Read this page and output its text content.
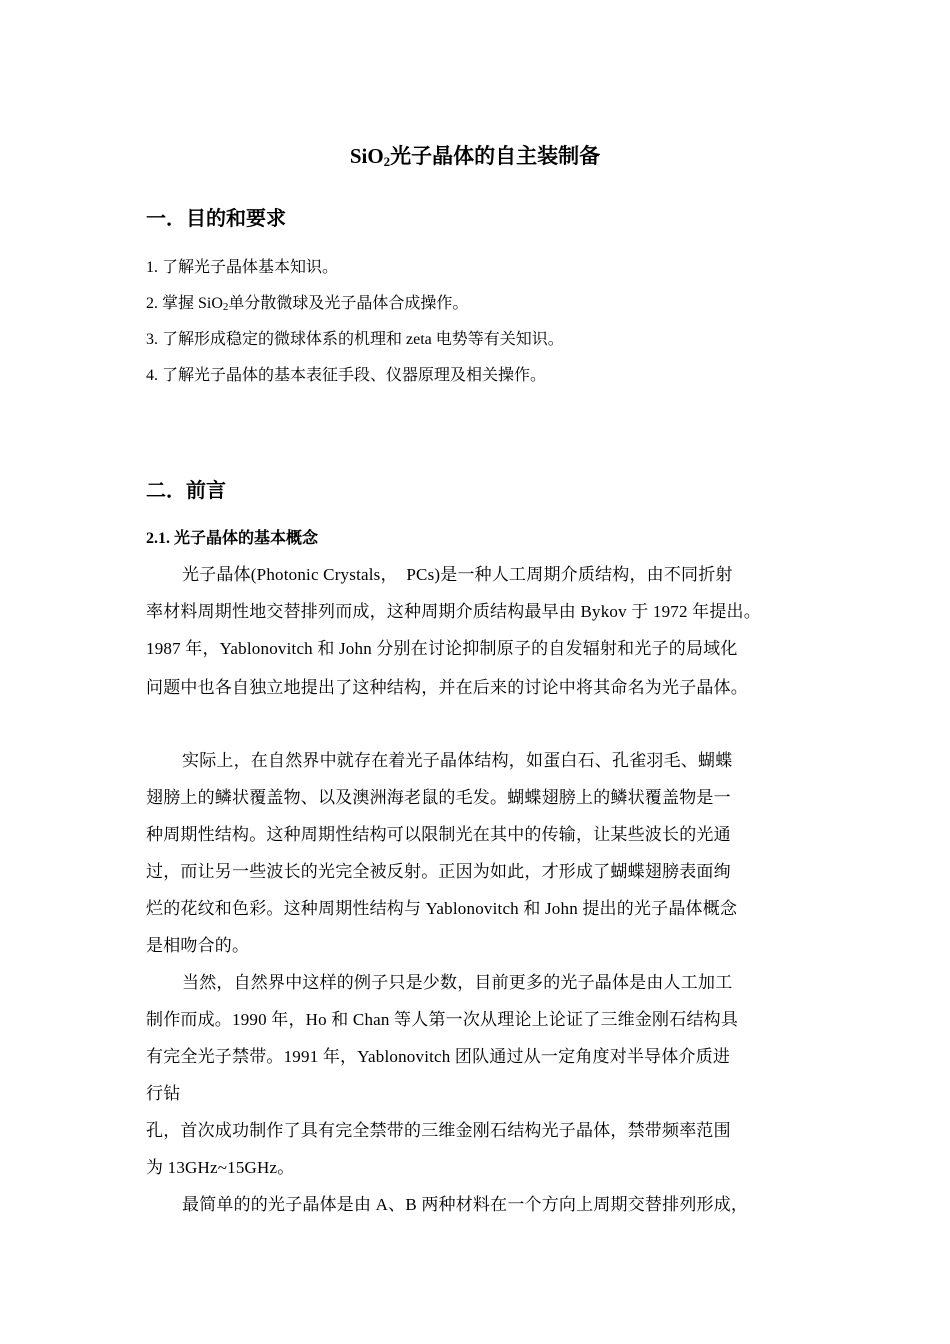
SiO$_2$光子晶体的自主装制备
一．目的和要求
1. 了解光子晶体基本知识。
2. 掌握 SiO$_2$单分散微球及光子晶体合成操作。
3. 了解形成稳定的微球体系的机理和 zeta 电势等有关知识。
4. 了解光子晶体的基本表征手段、仪器原理及相关操作。
二．前言
2.1. 光子晶体的基本概念
光子晶体(Photonic Crystals，　PCs)是一种人工周期介质结构，由不同折射
率材料周期性地交替排列而成，这种周期介质结构最早由 Bykov 于 1972 年提出。
1987 年，Yablonovitch 和 John 分别在讨论抑制原子的自发辐射和光子的局域化
问题中也各自独立地提出了这种结构，并在后来的讨论中将其命名为光子晶体。
实际上，在自然界中就存在着光子晶体结构，如蛋白石、孔雀羽毛、蝴蝶
翅膀上的鳞状覆盖物、以及澳洲海老鼠的毛发。蝴蝶翅膀上的鳞状覆盖物是一
种周期性结构。这种周期性结构可以限制光在其中的传输，让某些波长的光通
过，而让另一些波长的光完全被反射。正因为如此，才形成了蝴蝶翅膀表面绚
烂的花纹和色彩。这种周期性结构与 Yablonovitch 和 John 提出的光子晶体概念
是相吻合的。
当然，自然界中这样的例子只是少数，目前更多的光子晶体是由人工加工
制作而成。1990 年，Ho 和 Chan 等人第一次从理论上论证了三维金刚石结构具
有完全光子禁带。1991 年，Yablonovitch 团队通过从一定角度对半导体介质进
行钻
孔，首次成功制作了具有完全禁带的三维金刚石结构光子晶体，禁带频率范围
为 13GHz~15GHz。
最简单的的光子晶体是由 A、B 两种材料在一个方向上周期交替排列形成，
